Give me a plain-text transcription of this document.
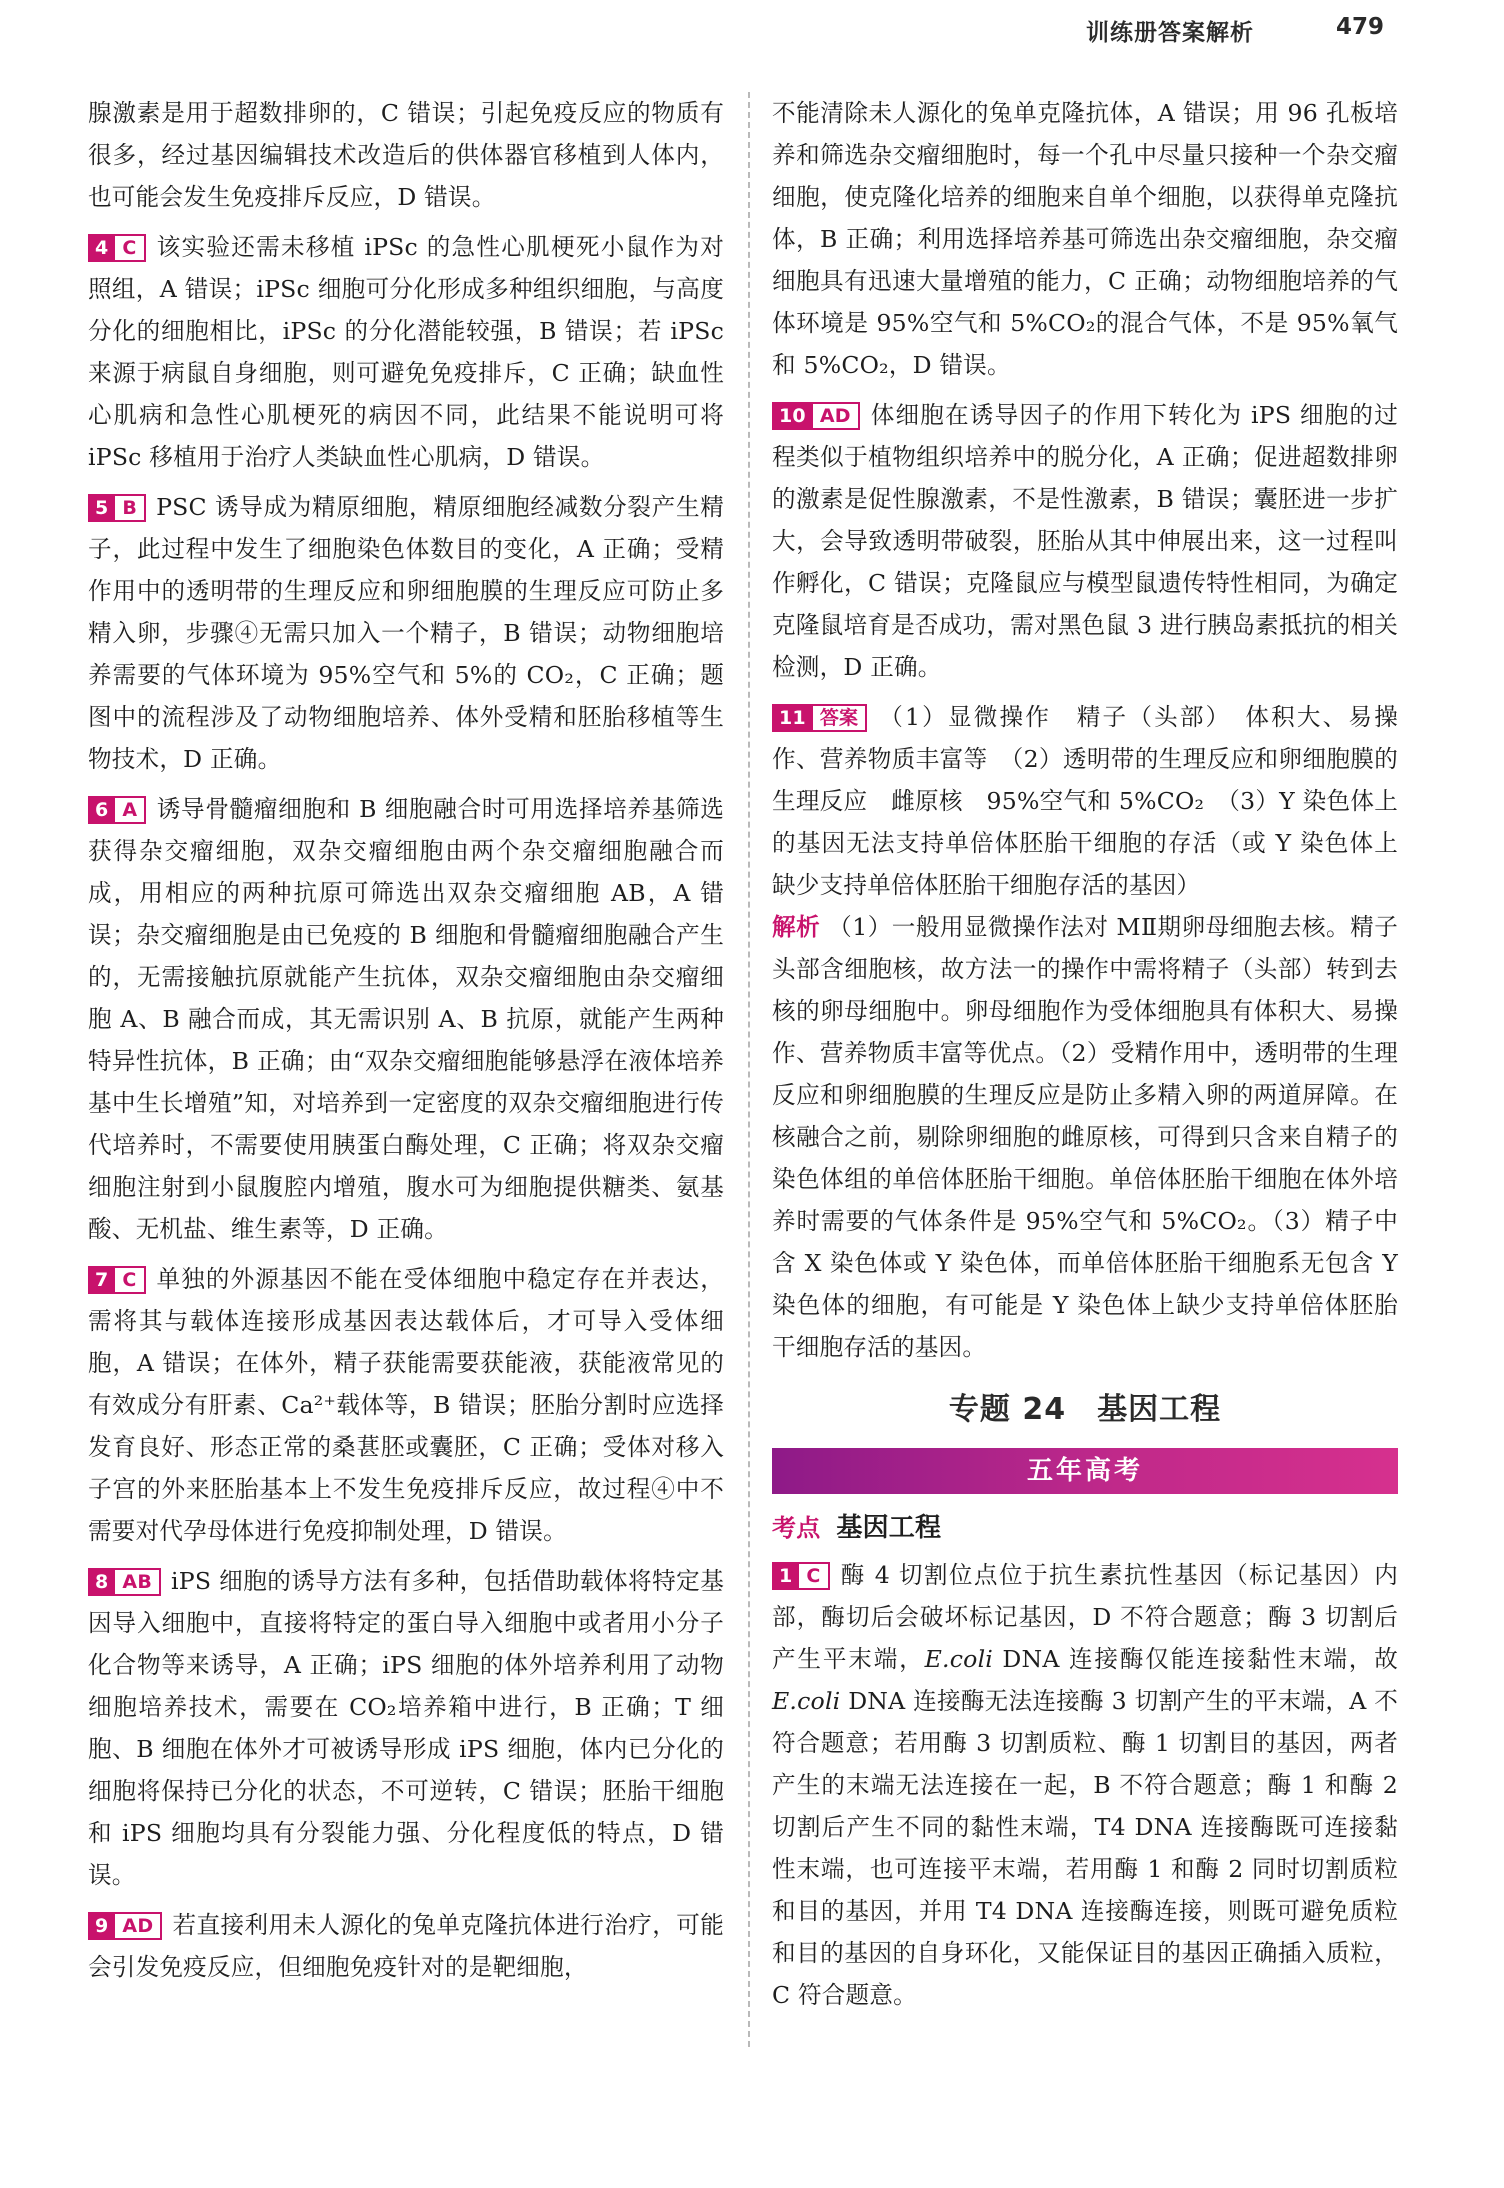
训练册答案解析	479

腺激素是用于超数排卵的，C 错误；引起免疫反应的物质有很多，经过基因编辑技术改造后的供体器官移植到人体内，也可能会发生免疫排斥反应，D 错误。

4 C 该实验还需未移植 iPSc 的急性心肌梗死小鼠作为对照组，A 错误；iPSc 细胞可分化形成多种组织细胞，与高度分化的细胞相比，iPSc 的分化潜能较强，B 错误；若 iPSc 来源于病鼠自身细胞，则可避免免疫排斥，C 正确；缺血性心肌病和急性心肌梗死的病因不同，此结果不能说明可将 iPSc 移植用于治疗人类缺血性心肌病，D 错误。

5 B PSC 诱导成为精原细胞，精原细胞经减数分裂产生精子，此过程中发生了细胞染色体数目的变化，A 正确；受精作用中的透明带的生理反应和卵细胞膜的生理反应可防止多精入卵，步骤④无需只加入一个精子，B 错误；动物细胞培养需要的气体环境为 95%空气和 5%的 CO₂，C 正确；题图中的流程涉及了动物细胞培养、体外受精和胚胎移植等生物技术，D 正确。

6 A 诱导骨髓瘤细胞和 B 细胞融合时可用选择培养基筛选获得杂交瘤细胞，双杂交瘤细胞由两个杂交瘤细胞融合而成，用相应的两种抗原可筛选出双杂交瘤细胞 AB，A 错误；杂交瘤细胞是由已免疫的 B 细胞和骨髓瘤细胞融合产生的，无需接触抗原就能产生抗体，双杂交瘤细胞由杂交瘤细胞 A、B 融合而成，其无需识别 A、B 抗原，就能产生两种特异性抗体，B 正确；由“双杂交瘤细胞能够悬浮在液体培养基中生长增殖”知，对培养到一定密度的双杂交瘤细胞进行传代培养时，不需要使用胰蛋白酶处理，C 正确；将双杂交瘤细胞注射到小鼠腹腔内增殖，腹水可为细胞提供糖类、氨基酸、无机盐、维生素等，D 正确。

7 C 单独的外源基因不能在受体细胞中稳定存在并表达，需将其与载体连接形成基因表达载体后，才可导入受体细胞，A 错误；在体外，精子获能需要获能液，获能液常见的有效成分有肝素、Ca²⁺载体等，B 错误；胚胎分割时应选择发育良好、形态正常的桑葚胚或囊胚，C 正确；受体对移入子宫的外来胚胎基本上不发生免疫排斥反应，故过程④中不需要对代孕母体进行免疫抑制处理，D 错误。

8 AB iPS 细胞的诱导方法有多种，包括借助载体将特定基因导入细胞中，直接将特定的蛋白导入细胞中或者用小分子化合物等来诱导，A 正确；iPS 细胞的体外培养利用了动物细胞培养技术，需要在 CO₂培养箱中进行，B 正确；T 细胞、B 细胞在体外才可被诱导形成 iPS 细胞，体内已分化的细胞将保持已分化的状态，不可逆转，C 错误；胚胎干细胞和 iPS 细胞均具有分裂能力强、分化程度低的特点，D 错误。

9 AD 若直接利用未人源化的兔单克隆抗体进行治疗，可能会引发免疫反应，但细胞免疫针对的是靶细胞，

不能清除未人源化的兔单克隆抗体，A 错误；用 96 孔板培养和筛选杂交瘤细胞时，每一个孔中尽量只接种一个杂交瘤细胞，使克隆化培养的细胞来自单个细胞，以获得单克隆抗体，B 正确；利用选择培养基可筛选出杂交瘤细胞，杂交瘤细胞具有迅速大量增殖的能力，C 正确；动物细胞培养的气体环境是 95%空气和 5%CO₂的混合气体，不是 95%氧气和 5%CO₂，D 错误。

10 AD 体细胞在诱导因子的作用下转化为 iPS 细胞的过程类似于植物组织培养中的脱分化，A 正确；促进超数排卵的激素是促性腺激素，不是性激素，B 错误；囊胚进一步扩大，会导致透明带破裂，胚胎从其中伸展出来，这一过程叫作孵化，C 错误；克隆鼠应与模型鼠遗传特性相同，为确定克隆鼠培育是否成功，需对黑色鼠 3 进行胰岛素抵抗的相关检测，D 正确。

11 答案 （1）显微操作　精子（头部）　体积大、易操作、营养物质丰富等　（2）透明带的生理反应和卵细胞膜的生理反应　雌原核　95%空气和 5%CO₂　（3）Y 染色体上的基因无法支持单倍体胚胎干细胞的存活（或 Y 染色体上缺少支持单倍体胚胎干细胞存活的基因）

解析 （1）一般用显微操作法对 MⅡ期卵母细胞去核。精子头部含细胞核，故方法一的操作中需将精子（头部）转到去核的卵母细胞中。卵母细胞作为受体细胞具有体积大、易操作、营养物质丰富等优点。（2）受精作用中，透明带的生理反应和卵细胞膜的生理反应是防止多精入卵的两道屏障。在核融合之前，剔除卵细胞的雌原核，可得到只含来自精子的染色体组的单倍体胚胎干细胞。单倍体胚胎干细胞在体外培养时需要的气体条件是 95%空气和 5%CO₂。（3）精子中含 X 染色体或 Y 染色体，而单倍体胚胎干细胞系无包含 Y 染色体的细胞，有可能是 Y 染色体上缺少支持单倍体胚胎干细胞存活的基因。

专题 24　基因工程
五年高考
考点 基因工程

1 C 酶 4 切割位点位于抗生素抗性基因（标记基因）内部，酶切后会破坏标记基因，D 不符合题意；酶 3 切割后产生平末端，E.coli DNA 连接酶仅能连接黏性末端，故 E.coli DNA 连接酶无法连接酶 3 切割产生的平末端，A 不符合题意；若用酶 3 切割质粒、酶 1 切割目的基因，两者产生的末端无法连接在一起，B 不符合题意；酶 1 和酶 2 切割后产生不同的黏性末端，T4 DNA 连接酶既可连接黏性末端，也可连接平末端，若用酶 1 和酶 2 同时切割质粒和目的基因，并用 T4 DNA 连接酶连接，则既可避免质粒和目的基因的自身环化，又能保证目的基因正确插入质粒，C 符合题意。
